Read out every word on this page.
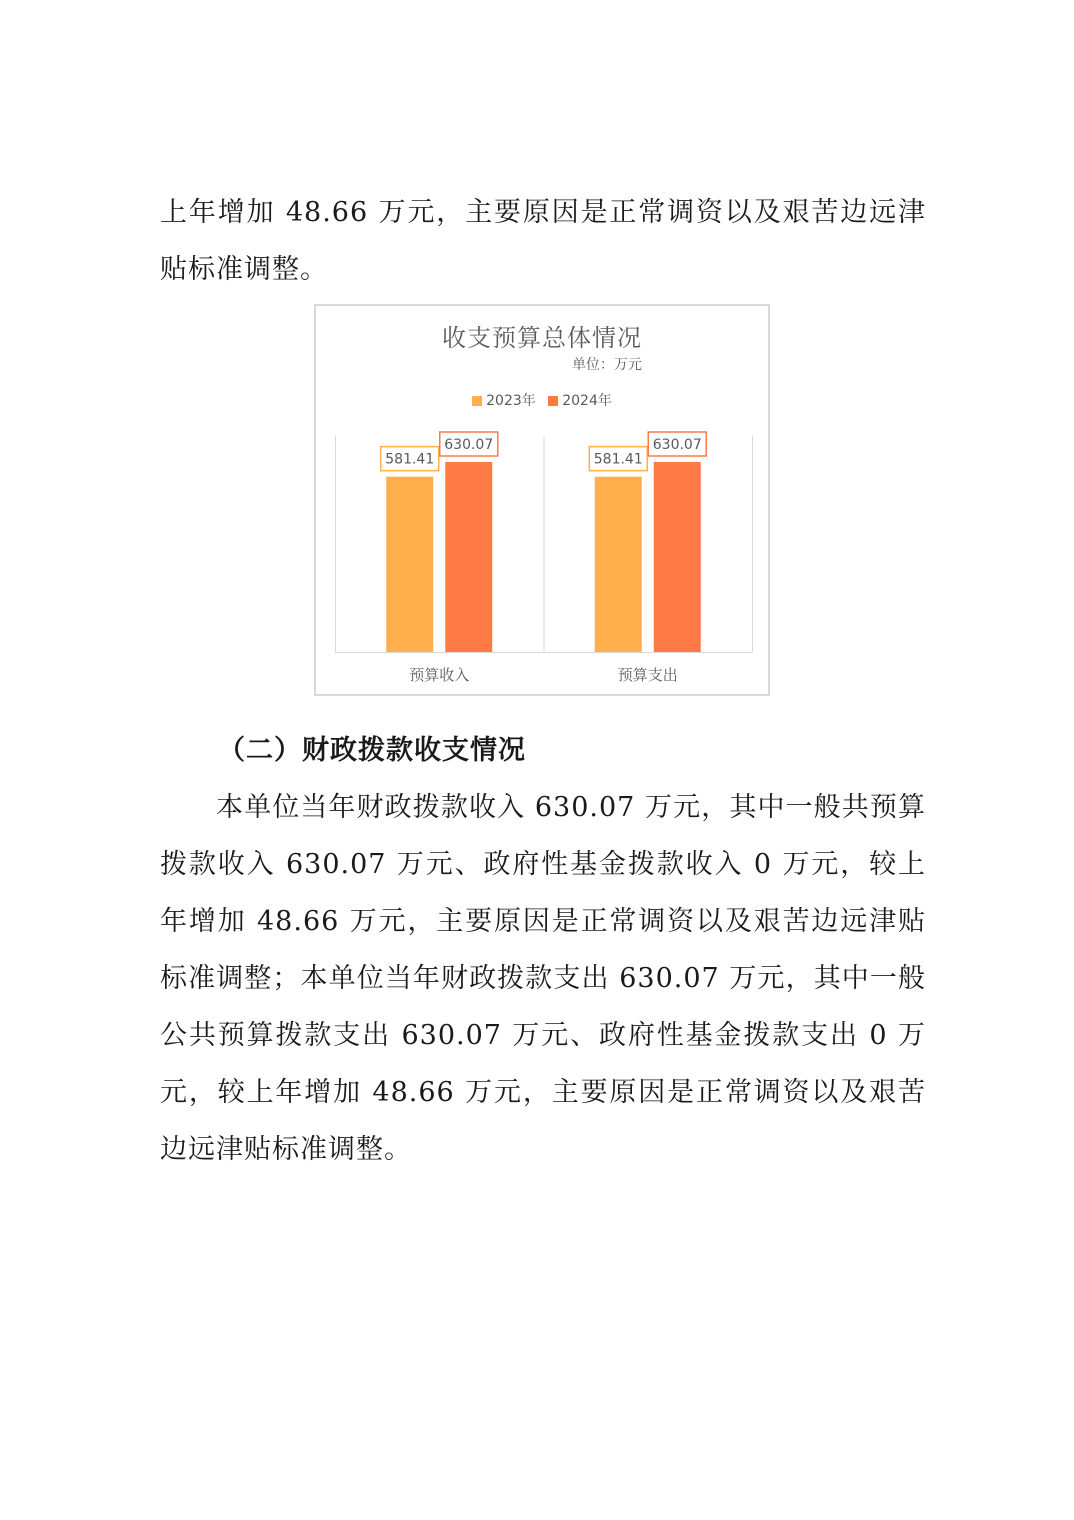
上年增加 48.66 万元，主要原因是正常调资以及艰苦边远津贴标准调整。
收支预算总体情况
单位：万元
2023年 2024年
581.41
630.07
预算收入
581.41
630.07
预算支出
（二）财政拨款收支情况
本单位当年财政拨款收入 630.07 万元，其中一般共预算拨款收入 630.07 万元、政府性基金拨款收入 0 万元，较上年增加 48.66 万元，主要原因是正常调资以及艰苦边远津贴标准调整；本单位当年财政拨款支出 630.07 万元，其中一般公共预算拨款支出 630.07 万元、政府性基金拨款支出 0 万元，较上年增加 48.66 万元，主要原因是正常调资以及艰苦边远津贴标准调整。
